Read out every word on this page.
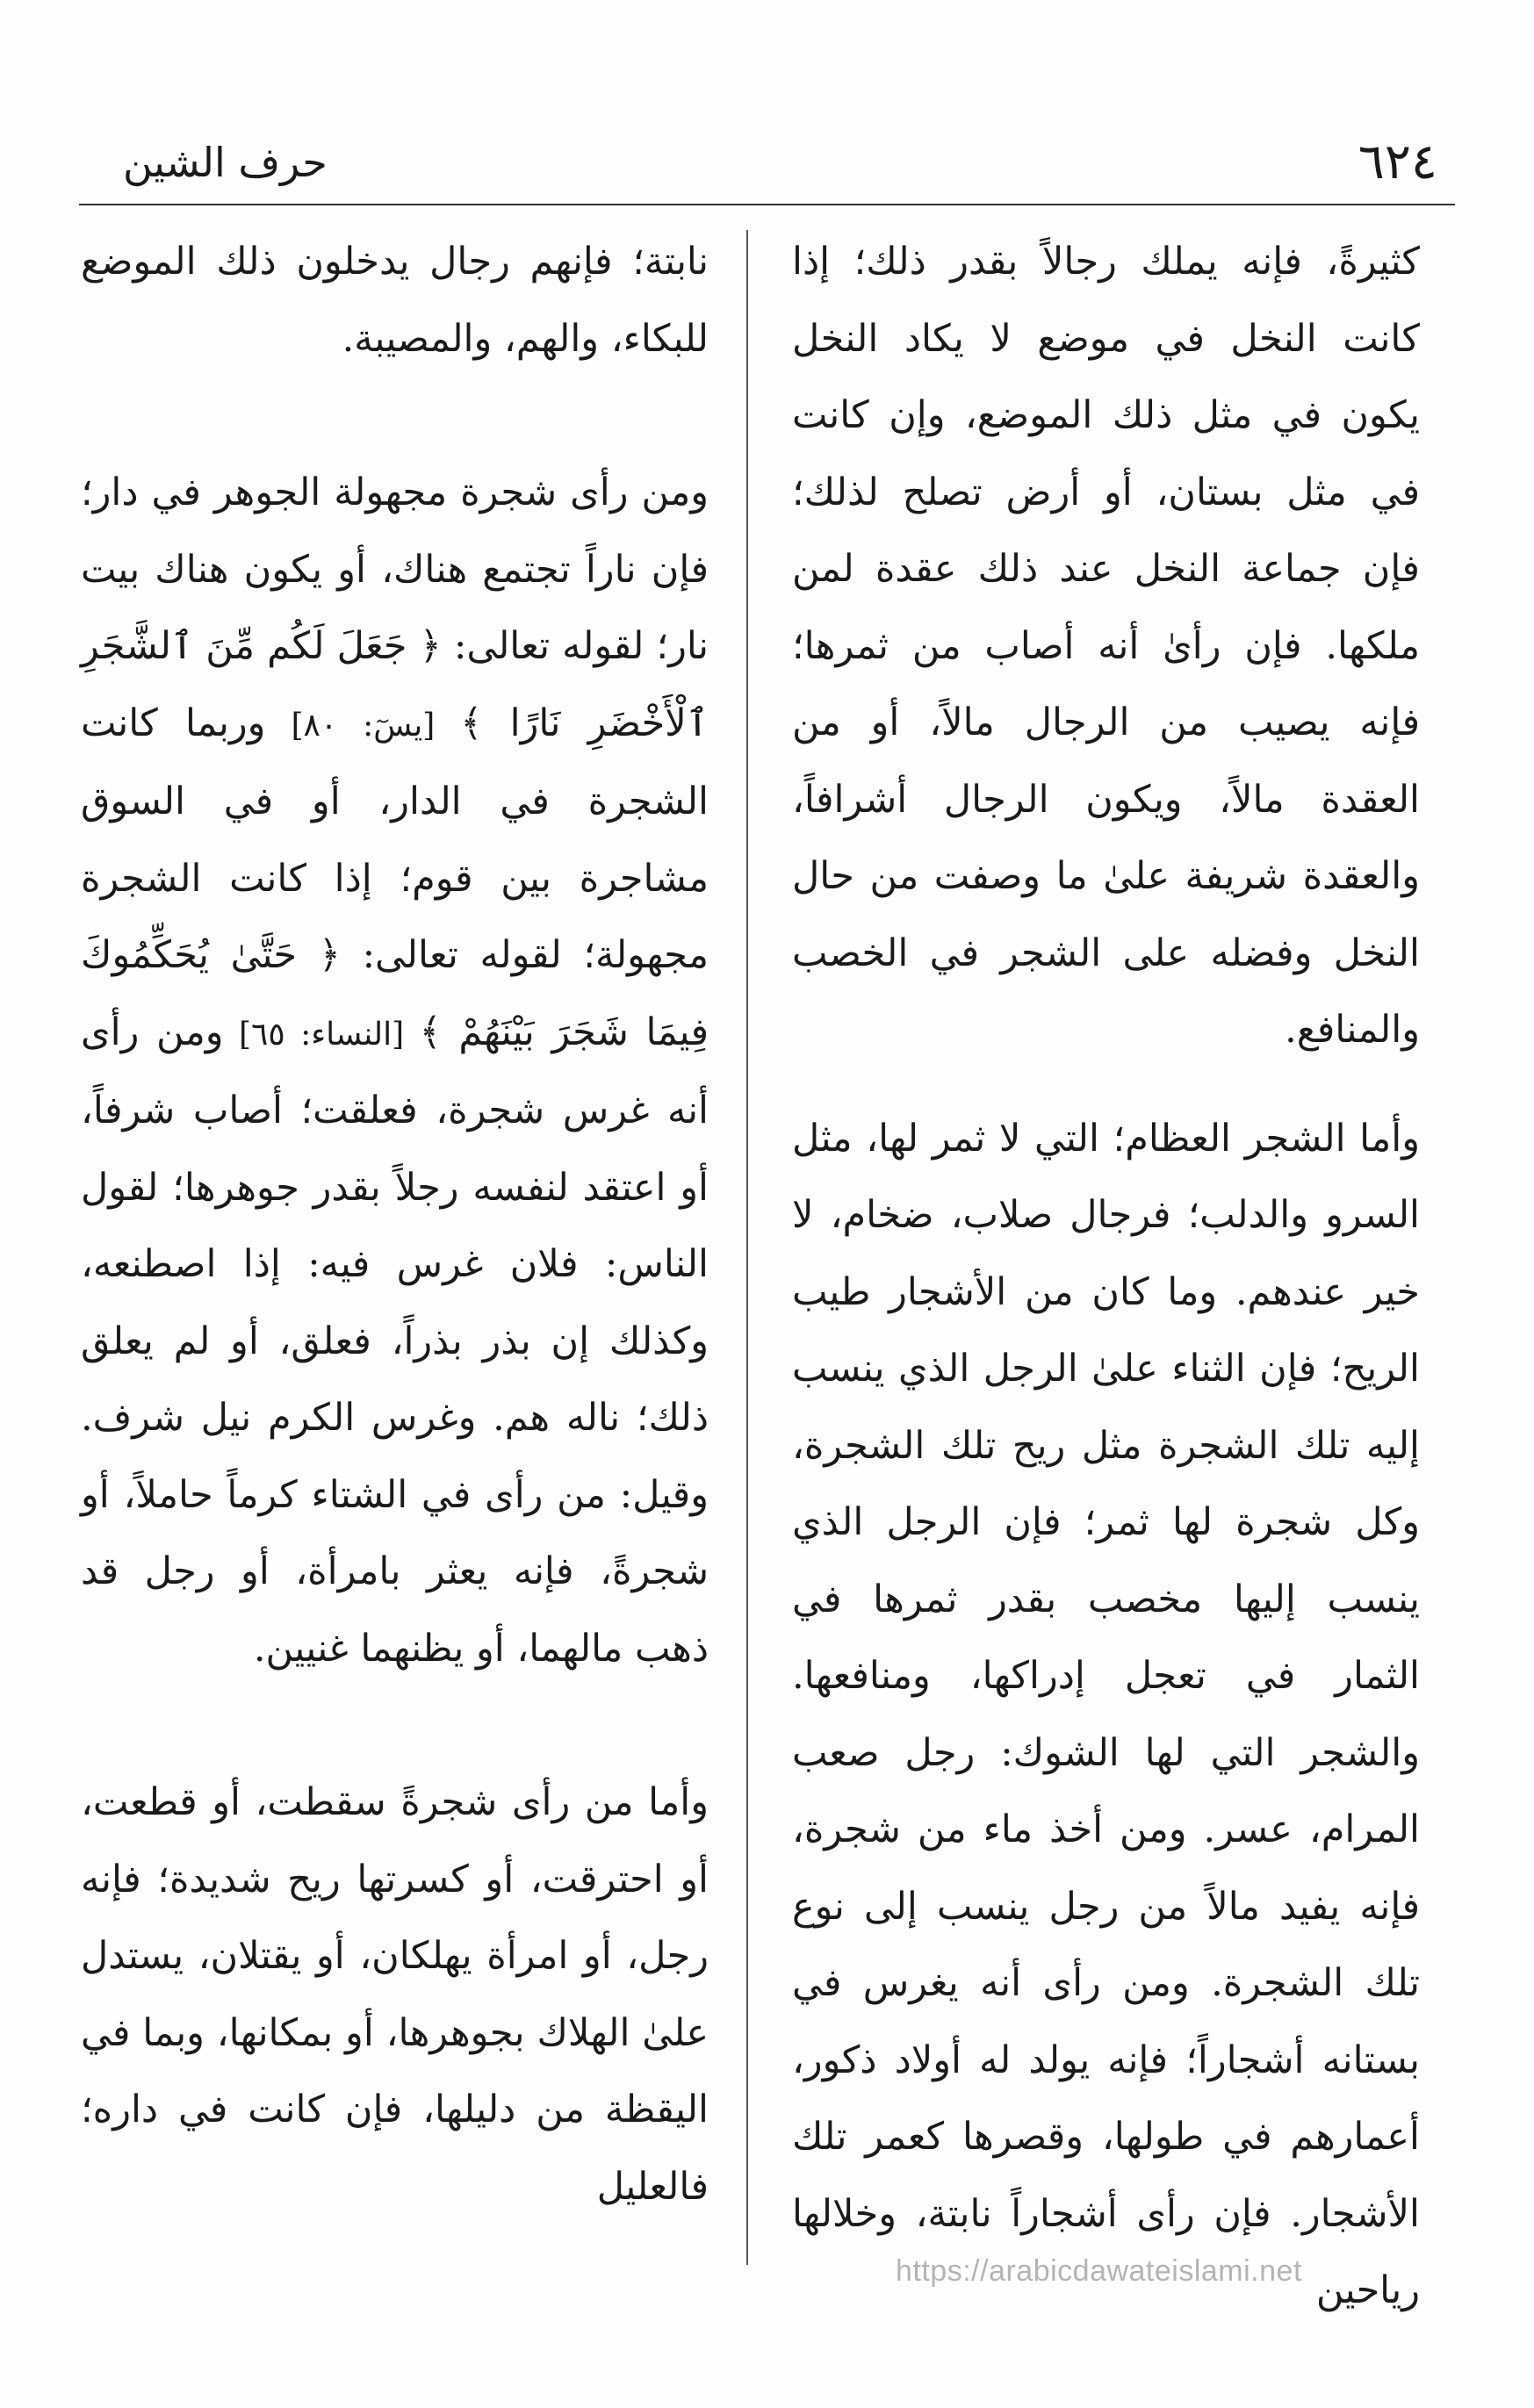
٦٢٤
حرف الشين

كثيرةً، فإنه يملك رجالاً بقدر ذلك؛ إذا كانت النخل في موضع لا يكاد النخل يكون في مثل ذلك الموضع، وإن كانت في مثل بستان، أو أرض تصلح لذلك؛ فإن جماعة النخل عند ذلك عقدة لمن ملكها. فإن رأىٰ أنه أصاب من ثمرها؛ فإنه يصيب من الرجال مالاً، أو من العقدة مالاً، ويكون الرجال أشرافاً، والعقدة شريفة علىٰ ما وصفت من حال النخل وفضله على الشجر في الخصب والمنافع.

وأما الشجر العظام؛ التي لا ثمر لها، مثل السرو والدلب؛ فرجال صلاب، ضخام، لا خير عندهم. وما كان من الأشجار طيب الريح؛ فإن الثناء علىٰ الرجل الذي ينسب إليه تلك الشجرة مثل ريح تلك الشجرة، وكل شجرة لها ثمر؛ فإن الرجل الذي ينسب إليها مخصب بقدر ثمرها في الثمار في تعجل إدراكها، ومنافعها. والشجر التي لها الشوك: رجل صعب المرام، عسر. ومن أخذ ماء من شجرة، فإنه يفيد مالاً من رجل ينسب إلى نوع تلك الشجرة. ومن رأى أنه يغرس في بستانه أشجاراً؛ فإنه يولد له أولاد ذكور، أعمارهم في طولها، وقصرها كعمر تلك الأشجار. فإن رأى أشجاراً نابتة، وخلالها رياحين

نابتة؛ فإنهم رجال يدخلون ذلك الموضع للبكاء، والهم، والمصيبة.

ومن رأى شجرة مجهولة الجوهر في دار؛ فإن ناراً تجتمع هناك، أو يكون هناك بيت نار؛ لقوله تعالى: ﴿ جَعَلَ لَكُم مِّنَ ٱلشَّجَرِ ٱلْأَخْضَرِ نَارًا ﴾ [يسٓ: ٨٠] وربما كانت الشجرة في الدار، أو في السوق مشاجرة بين قوم؛ إذا كانت الشجرة مجهولة؛ لقوله تعالى: ﴿ حَتَّىٰ يُحَكِّمُوكَ فِيمَا شَجَرَ بَيْنَهُمْ ﴾ [النساء: ٦٥] ومن رأى أنه غرس شجرة، فعلقت؛ أصاب شرفاً، أو اعتقد لنفسه رجلاً بقدر جوهرها؛ لقول الناس: فلان غرس فيه: إذا اصطنعه، وكذلك إن بذر بذراً، فعلق، أو لم يعلق ذلك؛ ناله هم. وغرس الكرم نيل شرف. وقيل: من رأى في الشتاء كرماً حاملاً، أو شجرةً، فإنه يعثر بامرأة، أو رجل قد ذهب مالهما، أو يظنهما غنيين.

وأما من رأى شجرةً سقطت، أو قطعت، أو احترقت، أو كسرتها ريح شديدة؛ فإنه رجل، أو امرأة يهلكان، أو يقتلان، يستدل علىٰ الهلاك بجوهرها، أو بمكانها، وبما في اليقظة من دليلها، فإن كانت في داره؛ فالعليل

https://arabicdawateislami.net
